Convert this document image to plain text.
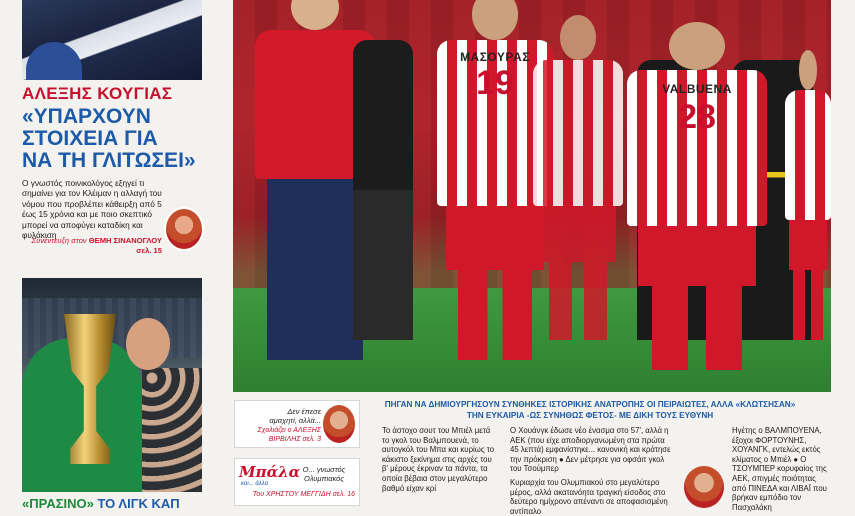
ΑΛΕΞΗΣ ΚΟΥΓΙΑΣ
«ΥΠΑΡΧΟΥΝ
ΣΤΟΙΧΕΙΑ ΓΙΑ
ΝΑ ΤΗ ΓΛΙΤΩΣΕΙ»
Ο γνωστός ποινικολόγος εξηγεί τι σημαίνει για τον Κλέιμαν η αλλαγή του νόμου που προβλέπει κάθειρξη από 5 έως 15 χρόνια και με ποιο σκεπτικό μπορεί να αποφύγει καταδίκη και φυλάκιση
Συνέντευξη στον ΘΕΜΗ ΣΙΝΑΝΟΓΛΟΥ σελ. 15
«ΠΡΑΣΙΝΟ» ΤΟ ΛΙΓΚ ΚΑΠ
ΜΑΣΟΥΡΑΣ
19	VALBUENA
28
ΠΗΓΑΝ ΝΑ ΔΗΜΙΟΥΡΓΗΣΟΥΝ ΣΥΝΘΗΚΕΣ ΙΣΤΟΡΙΚΗΣ ΑΝΑΤΡΟΠΗΣ ΟΙ ΠΕΙΡΑΙΩΤΕΣ, ΑΛΛΑ «ΚΛΩΤΣΗΣΑΝ»
ΤΗΝ ΕΥΚΑΙΡΙΑ -ΩΣ ΣΥΝΗΘΩΣ ΦΕΤΟΣ- ΜΕ ΔΙΚΗ ΤΟΥΣ ΕΥΘΥΝΗ
Δεν έπεσε
αμαχητί, αλλά...
Σχολιάζει ο ΑΛΕΞΗΣ
ΒΙΡΒΙΛΗΣ σελ. 3
Μπάλα
και... άλλα
Ο... γνωστός
Ολυμπιακός
Του ΧΡΗΣΤΟΥ ΜΕΓΓΙΔΗ σελ. 16
Το άστοχο σουτ του Μπιέλ μετά το γκολ του Βαλμπουενά, το αυτογκόλ του Μπα και κυρίως το κάκιστο ξεκίνημα στις αρχές του β' μέρους έκριναν τα πάντα, τα οποία βέβαια στον μεγαλύτερο βαθμό είχαν κρί
Ο Χουάνγκ έδωσε νέο ένασμα στο 57', αλλά η ΑΕΚ (που είχε αποδιοργανωμένη στα πρώτα 45 λεπτά) εμφανίστηκε... κανονική και κράτησε την πρόκριση ● Δεν μέτρησε για οφσάιτ γκολ του Τσούμπερ
Κυριαρχία του Ολυμπιακού στο μεγαλύτερο μέρος, αλλά ακατανόητα τραγική είσοδος στο δεύτερο ημίχρονο απέναντι σε αποφασισμένη αντίπαλο
Ηγέτης ο ΒΑΛΜΠΟΥΕΝΑ, έξοχοι ΦΟΡΤΟΥΝΗΣ, ΧΟΥΑΝΓΚ, εντελώς εκτός κλίματος ο Μπιέλ ● Ο ΤΣΟΥΜΠΕΡ κορυφαίος της ΑΕΚ, σπιγμές ποιότητας από ΠΙΝΕΔΑ και ΛΙΒΑΪ που βρήκαν εμπόδιο τον Πασχαλάκη
